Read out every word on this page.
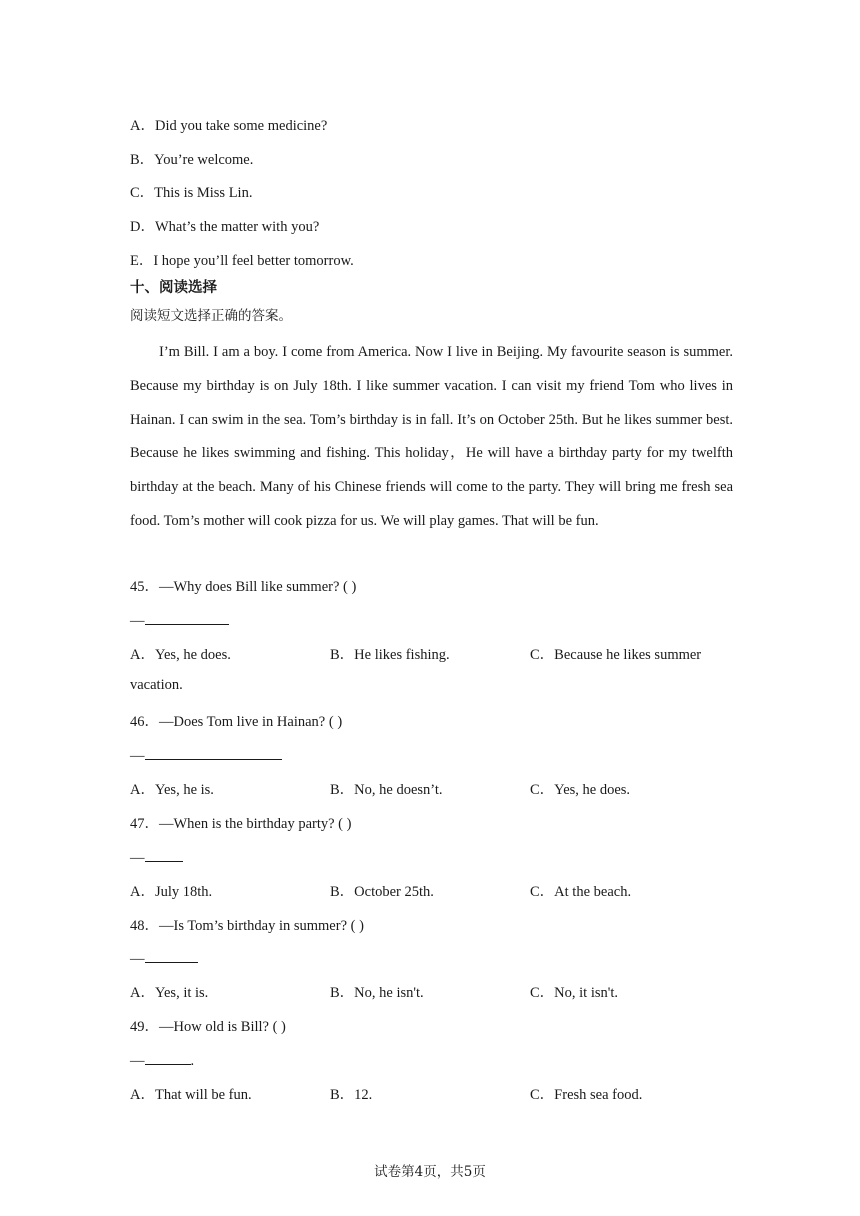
A．Did you take some medicine?
B．You’re welcome.
C．This is Miss Lin.
D．What’s the matter with you?
E．I hope you’ll feel better tomorrow.
十、阅读选择
阅读短文选择正确的答案。
I’m Bill. I am a boy. I come from America. Now I live in Beijing. My favourite season is summer. Because my birthday is on July 18th. I like summer vacation. I can visit my friend Tom who lives in Hainan. I can swim in the sea. Tom’s birthday is in fall. It’s on October 25th. But he likes summer best. Because he likes swimming and fishing. This holiday，He will have a birthday party for my twelfth birthday at the beach. Many of his Chinese friends will come to the party. They will bring me fresh sea food. Tom’s mother will cook pizza for us. We will play games. That will be fun.
45．—Why does Bill like summer? ( )
—
A．Yes, he does.	B．He likes fishing.	C．Because he likes summer
vacation.
46．—Does Tom live in Hainan? ( )
—
A．Yes, he is.	B．No, he doesn’t.	C．Yes, he does.
47．—When is the birthday party? ( )
—
A．July 18th.	B．October 25th.	C．At the beach.
48．—Is Tom’s birthday in summer? ( )
—
A．Yes, it is.	B．No, he isn't.	C．No, it isn't.
49．—How old is Bill? ( )
—	.
A．That will be fun.	B．12.	C．Fresh sea food.
试卷第4页，共5页
